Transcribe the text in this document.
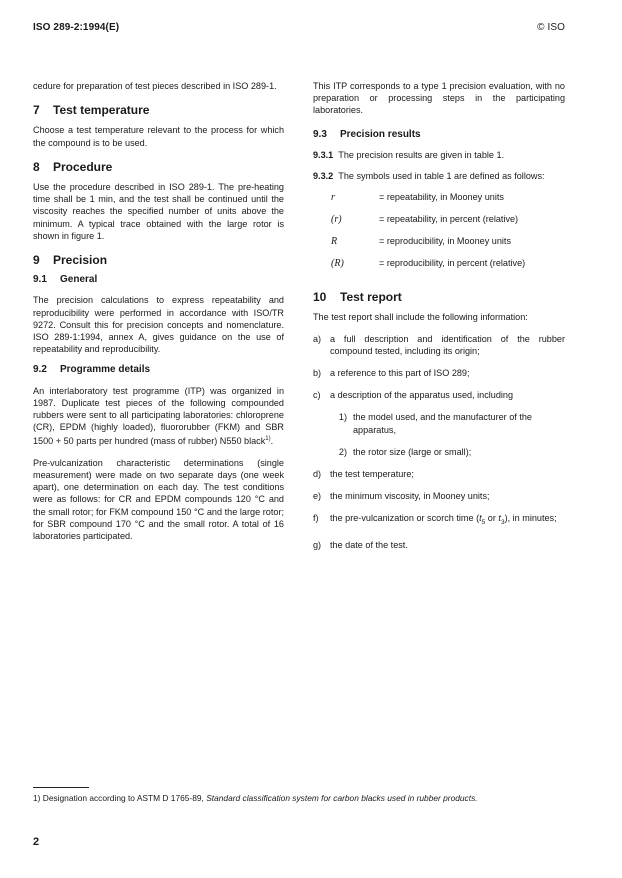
ISO 289-2:1994(E)	© ISO

cedure for preparation of test pieces described in ISO 289-1.

7 Test temperature

Choose a test temperature relevant to the process for which the compound is to be used.

8 Procedure

Use the procedure described in ISO 289-1. The pre-heating time shall be 1 min, and the test shall be continued until the viscosity reaches the specified number of units above the minimum. A typical trace obtained with the large rotor is shown in figure 1.

9 Precision
9.1 General

The precision calculations to express repeatability and reproducibility were performed in accordance with ISO/TR 9272. Consult this for precision concepts and nomenclature. ISO 289-1:1994, annex A, gives guidance on the use of repeatability and reproducibility.

9.2 Programme details

An interlaboratory test programme (ITP) was organized in 1987. Duplicate test pieces of the following compounded rubbers were sent to all participating laboratories: chloroprene (CR), EPDM (highly loaded), fluororubber (FKM) and SBR 1500 + 50 parts per hundred (mass of rubber) N550 black$^{1)}$.

Pre-vulcanization characteristic determinations (single measurement) were made on two separate days (one week apart), one determination on each day. The test conditions were as follows: for CR and EPDM compounds 120 °C and the small rotor; for FKM compound 150 °C and the large rotor; for SBR compound 170 °C and the small rotor. A total of 16 laboratories participated.

This ITP corresponds to a type 1 precision evaluation, with no preparation or processing steps in the participating laboratories.

9.3 Precision results

9.3.1 The precision results are given in table 1.

9.3.2 The symbols used in table 1 are defined as follows:

r	= repeatability, in Mooney units
(r)	= repeatability, in percent (relative)
R	= reproducibility, in Mooney units
(R)	= reproducibility, in percent (relative)
10 Test report

The test report shall include the following information:

a) a full description and identification of the rubber compound tested, including its origin;
b) a reference to this part of ISO 289;
c)	a description of the apparatus used, including
1) the model used, and the manufacturer of the apparatus,
2) the rotor size (large or small);
d) the test temperature;
e) the minimum viscosity, in Mooney units;
f)	the pre-vulcanization or scorch time ($t_5$ or $t_3$), in minutes;
g) the date of the test.
1) Designation according to ASTM D 1765-89, Standard classification system for carbon blacks used in rubber products.
2
